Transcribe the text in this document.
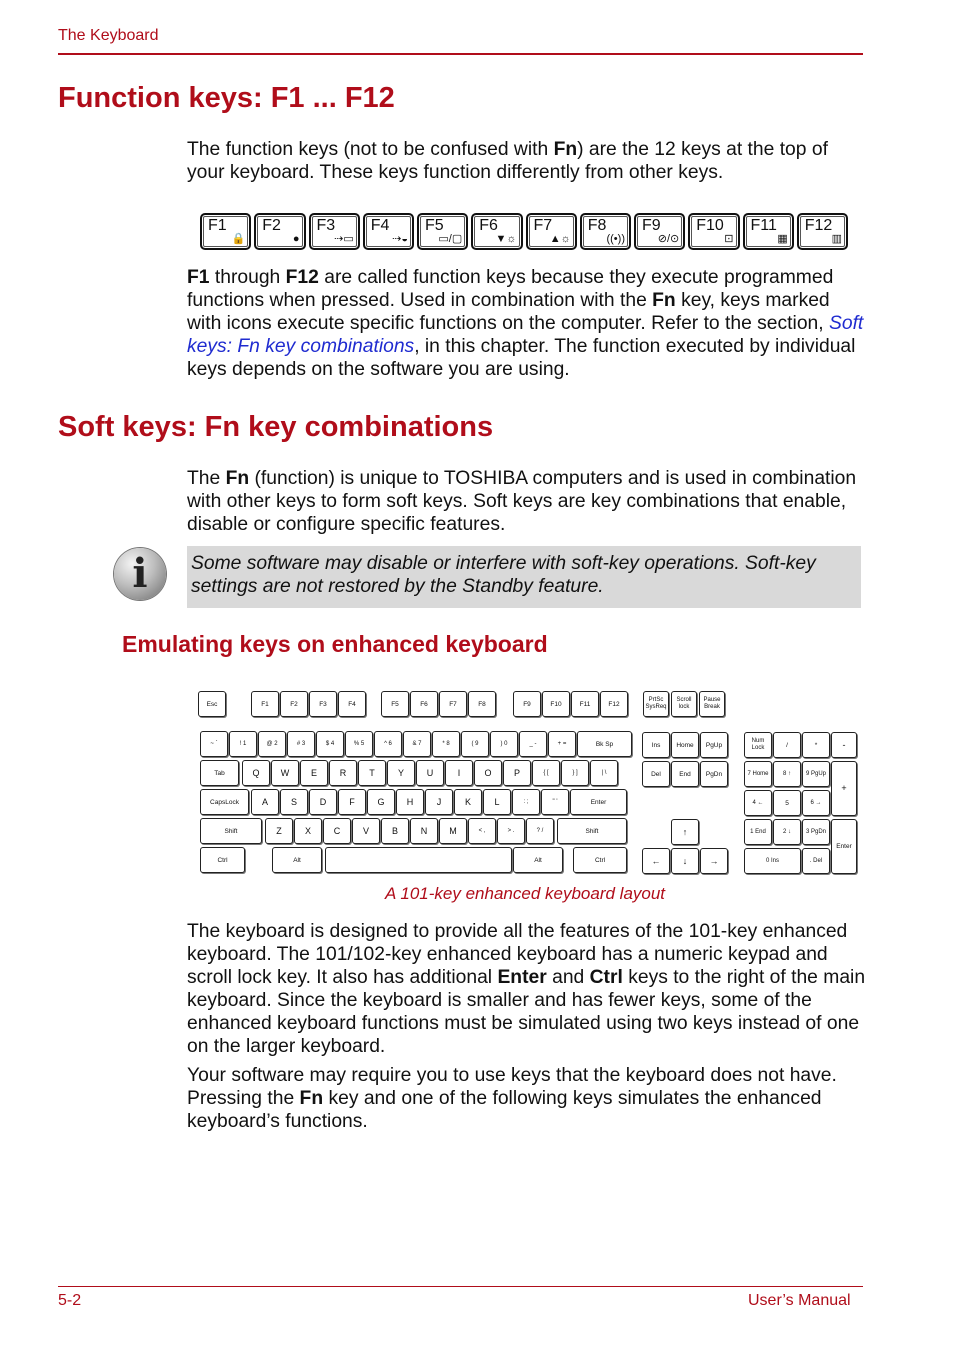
The Keyboard
Function keys: F1 ... F12

The function keys (not to be confused with Fn) are the 12 keys at the top of your keyboard. These keys function differently from other keys.

F1
🔒
F2
●
F3
⇢▭
F4
⇢◒
F5
▭/▢
F6
▼☼
F7
▲☼
F8
((•))
F9
⊘/⊙
F10
⊡
F11
▦
F12
▥

F1 through F12 are called function keys because they execute programmed functions when pressed. Used in combination with the Fn key, keys marked with icons execute specific functions on the computer. Refer to the section, Soft keys: Fn key combinations, in this chapter. The function executed by individual keys depends on the software you are using.

Soft keys: Fn key combinations

The Fn (function) is unique to TOSHIBA computers and is used in combination with other keys to form soft keys. Soft keys are key combinations that enable, disable or configure specific features.

i	Some software may disable or interfere with soft-key operations. Soft-key settings are not restored by the Standby feature.
Emulating keys on enhanced keyboard
Esc	F1	F2	F3	F4	F5	F6	F7	F8	F9	F10	F11	F12
PrtSc SysReq
Scroll lock
Pause Break
~ `	! 1	@ 2	# 3	$ 4	% 5	^ 6	& 7	* 8	( 9	) 0	_ -	+ =	Bk Sp
Tab	Q	W	E	R	T	Y	U	I	O	P	{ [	} ]	| \
CapsLock	A	S	D	F	G	H	J	K	L	: ;	" '	Enter
Shift	Z	X	C	V	B	N	M	< ,	> .	? /	Shift
Ctrl	Alt	Alt	Ctrl
Ins	Home	PgUp
Del	End	PgDn
↑
←	↓	→
Num Lock	/	*	-
7 Home	8 ↑	9 PgUp
+
4 ←	5	6 →
1 End	2 ↓	3 PgDn
Enter
0 Ins	. Del
A 101-key enhanced keyboard layout

The keyboard is designed to provide all the features of the 101-key enhanced keyboard. The 101/102-key enhanced keyboard has a numeric keypad and scroll lock key. It also has additional Enter and Ctrl keys to the right of the main keyboard. Since the keyboard is smaller and has fewer keys, some of the enhanced keyboard functions must be simulated using two keys instead of one on the larger keyboard.

Your software may require you to use keys that the keyboard does not have. Pressing the Fn key and one of the following keys simulates the enhanced keyboard’s functions.

5-2	User’s Manual
